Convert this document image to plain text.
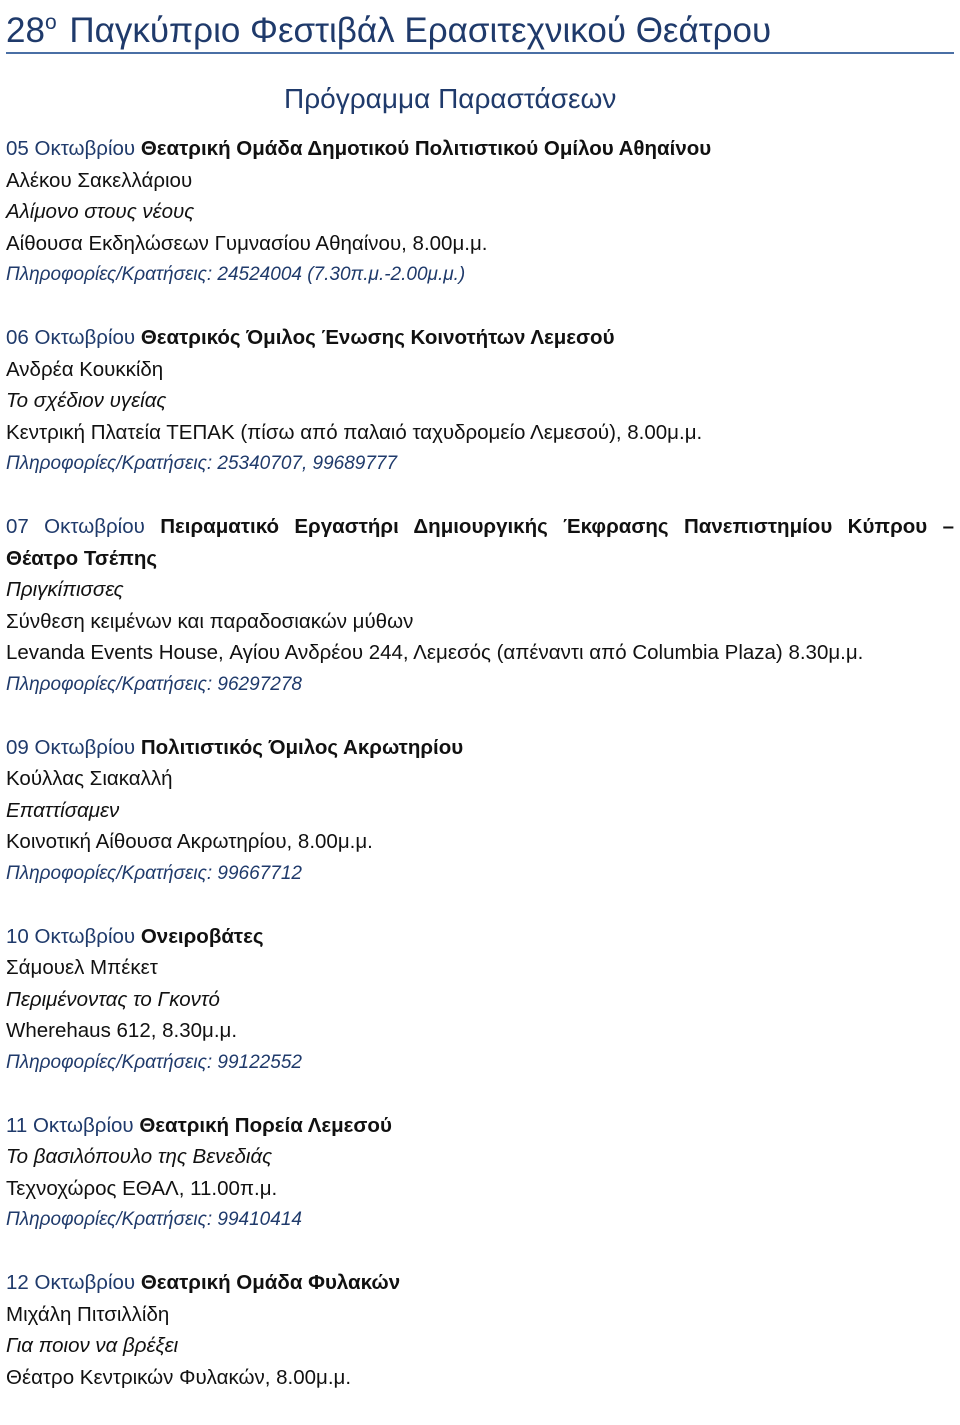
$28^o$ Παγκύπριο Φεστιβάλ Ερασιτεχνικού Θεάτρου
Πρόγραμμα Παραστάσεων
05 Οκτωβρίου Θεατρική Ομάδα Δημοτικού Πολιτιστικού Ομίλου Αθηαίνου
Αλέκου Σακελλάριου
Αλίμονο στους νέους
Αίθουσα Εκδηλώσεων Γυμνασίου Αθηαίνου, 8.00μ.μ.
Πληροφορίες/Κρατήσεις: 24524004 (7.30π.μ.-2.00μ.μ.)
06 Οκτωβρίου Θεατρικός Όμιλος Ένωσης Κοινοτήτων Λεμεσού
Ανδρέα Κουκκίδη
Το σχέδιον υγείας
Κεντρική Πλατεία ΤΕΠΑΚ (πίσω από παλαιό ταχυδρομείο Λεμεσού), 8.00μ.μ.
Πληροφορίες/Κρατήσεις: 25340707, 99689777
07 Οκτωβρίου Πειραματικό Εργαστήρι Δημιουργικής Έκφρασης Πανεπιστημίου Κύπρου – Θέατρο Τσέπης
Πριγκίπισσες
Σύνθεση κειμένων και παραδοσιακών μύθων
Levanda Events House, Αγίου Ανδρέου 244, Λεμεσός (απέναντι από Columbia Plaza) 8.30μ.μ.
Πληροφορίες/Κρατήσεις: 96297278
09 Οκτωβρίου Πολιτιστικός Όμιλος Ακρωτηρίου
Κούλλας Σιακαλλή
Επαττίσαμεν
Κοινοτική Αίθουσα Ακρωτηρίου, 8.00μ.μ.
Πληροφορίες/Κρατήσεις: 99667712
10 Οκτωβρίου Ονειροβάτες
Σάμουελ Μπέκετ
Περιμένοντας το Γκοντό
Wherehaus 612, 8.30μ.μ.
Πληροφορίες/Κρατήσεις: 99122552
11 Οκτωβρίου Θεατρική Πορεία Λεμεσού
Το βασιλόπουλο της Βενεδιάς
Τεχνοχώρος ΕΘΑΛ, 11.00π.μ.
Πληροφορίες/Κρατήσεις: 99410414
12 Οκτωβρίου Θεατρική Ομάδα Φυλακών
Μιχάλη Πιτσιλλίδη
Για ποιον να βρέξει
Θέατρο Κεντρικών Φυλακών, 8.00μ.μ.
